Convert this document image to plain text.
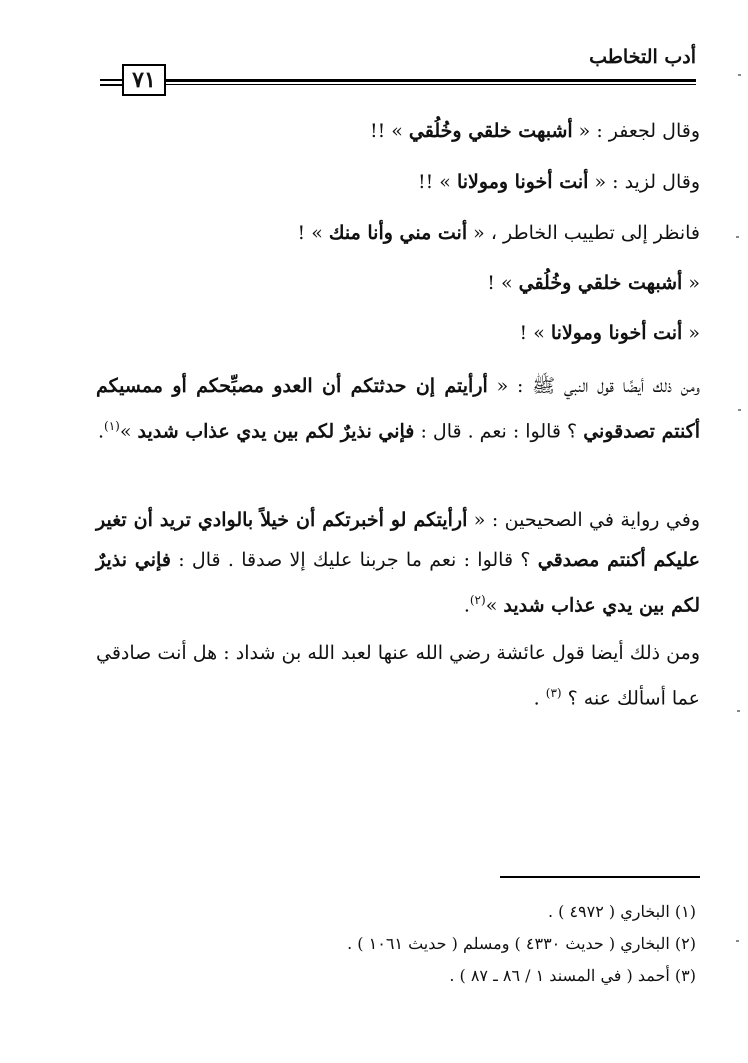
أدب التخاطب
٧١
وقال لجعفر : « أشبهت خلقي وخُلُقي » !!
وقال لزيد : « أنت أخونا ومولانا » !!
فانظر إلى تطييب الخاطر ، « أنت مني وأنا منك » !
« أشبهت خلقي وخُلُقي » !
« أنت أخونا ومولانا » !
ومن ذلك أيضًا قول النبي ﷺ : « أرأيتم إن حدثتكم أن العدو مصبِّحكم أو ممسيكم أكنتم تصدقوني ؟ قالوا : نعم . قال : فإني نذيرٌ لكم بين يدي عذاب شديد »$^{(١)}$.
وفي رواية في الصحيحين : « أرأيتكم لو أخبرتكم أن خيلاً بالوادي تريد أن تغير عليكم أكنتم مصدقي ؟ قالوا : نعم ما جربنا عليك إلا صدقا . قال : فإني نذيرٌ لكم بين يدي عذاب شديد »$^{(٢)}$.
ومن ذلك أيضا قول عائشة رضي الله عنها لعبد الله بن شداد : هل أنت صادقي عما أسألك عنه ؟ $^{(٣)}$ .
(١) البخاري ( ٤٩٧٢ ) .
(٢) البخاري ( حديث ٤٣٣٠ ) ومسلم ( حديث ١٠٦١ ) .
(٣) أحمد ( في المسند ١ / ٨٦ ـ ٨٧ ) .
